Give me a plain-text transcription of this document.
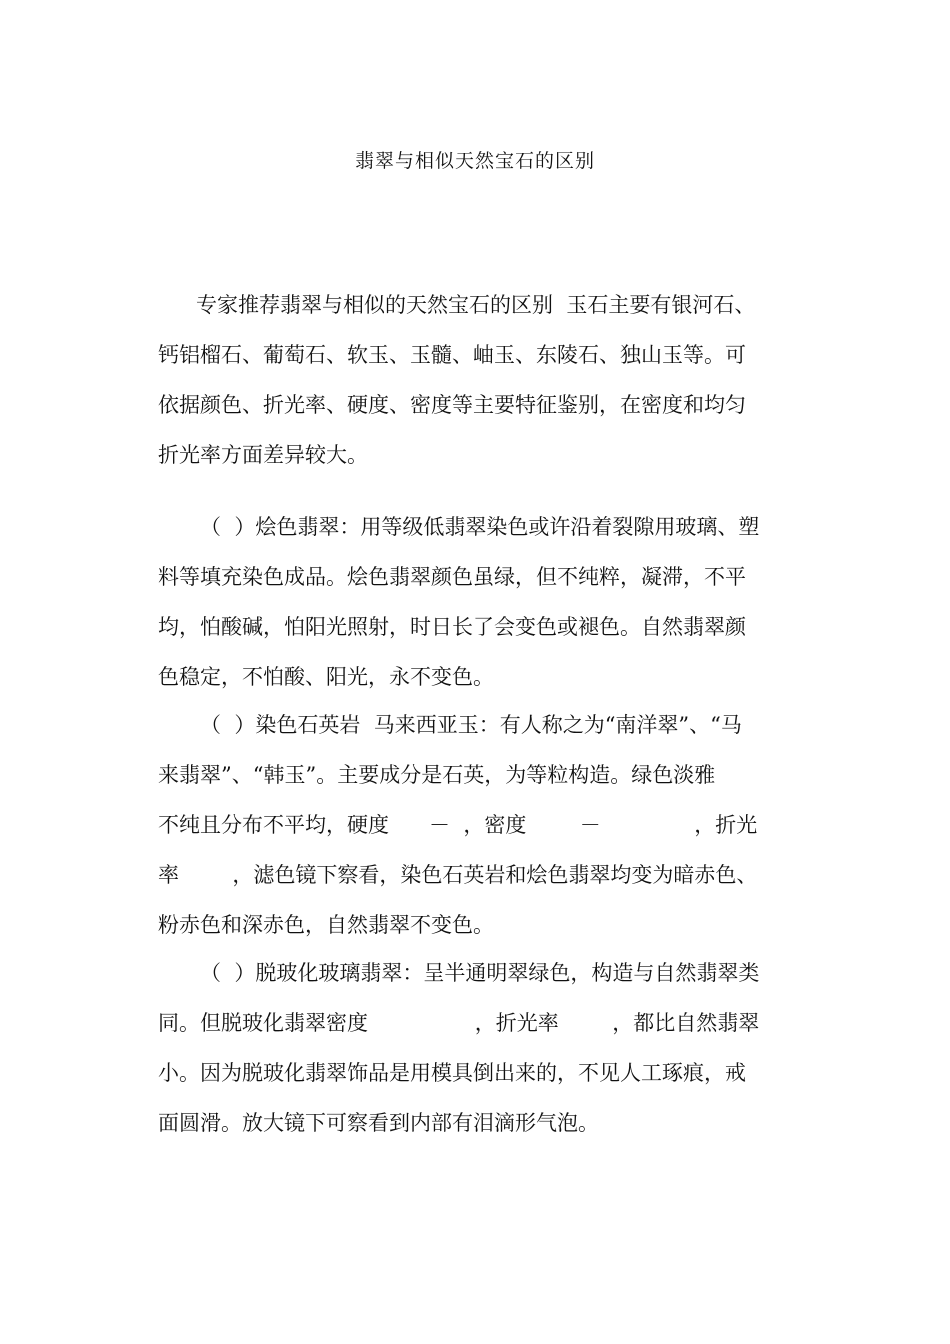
翡翠与相似天然宝石的区别
专家推荐翡翠与相似的天然宝石的区别  玉石主要有银河石、
钙铝榴石、葡萄石、软玉、玉髓、岫玉、东陵石、独山玉等。可
依据颜色、折光率、硬度、密度等主要特征鉴别，在密度和均匀
折光率方面差异较大。
（  ）烩色翡翠：用等级低翡翠染色或许沿着裂隙用玻璃、塑
料等填充染色成品。烩色翡翠颜色虽绿，但不纯粹，凝滞，不平
均，怕酸碱，怕阳光照射，时日长了会变色或褪色。自然翡翠颜
色稳定，不怕酸、阳光，永不变色。
（  ）染色石英岩  马来西亚玉：有人称之为“南洋翠”、“马
来翡翠”、“韩玉”。主要成分是石英，为等粒构造。绿色淡雅
不纯且分布不平均，硬度      －  ，密度        －              ，折光
率        ，滤色镜下察看，染色石英岩和烩色翡翠均变为暗赤色、
粉赤色和深赤色，自然翡翠不变色。
（  ）脱玻化玻璃翡翠：呈半通明翠绿色，构造与自然翡翠类
同。但脱玻化翡翠密度                ，折光率        ，都比自然翡翠
小。因为脱玻化翡翠饰品是用模具倒出来的，不见人工琢痕，戒
面圆滑。放大镜下可察看到内部有泪滴形气泡。
